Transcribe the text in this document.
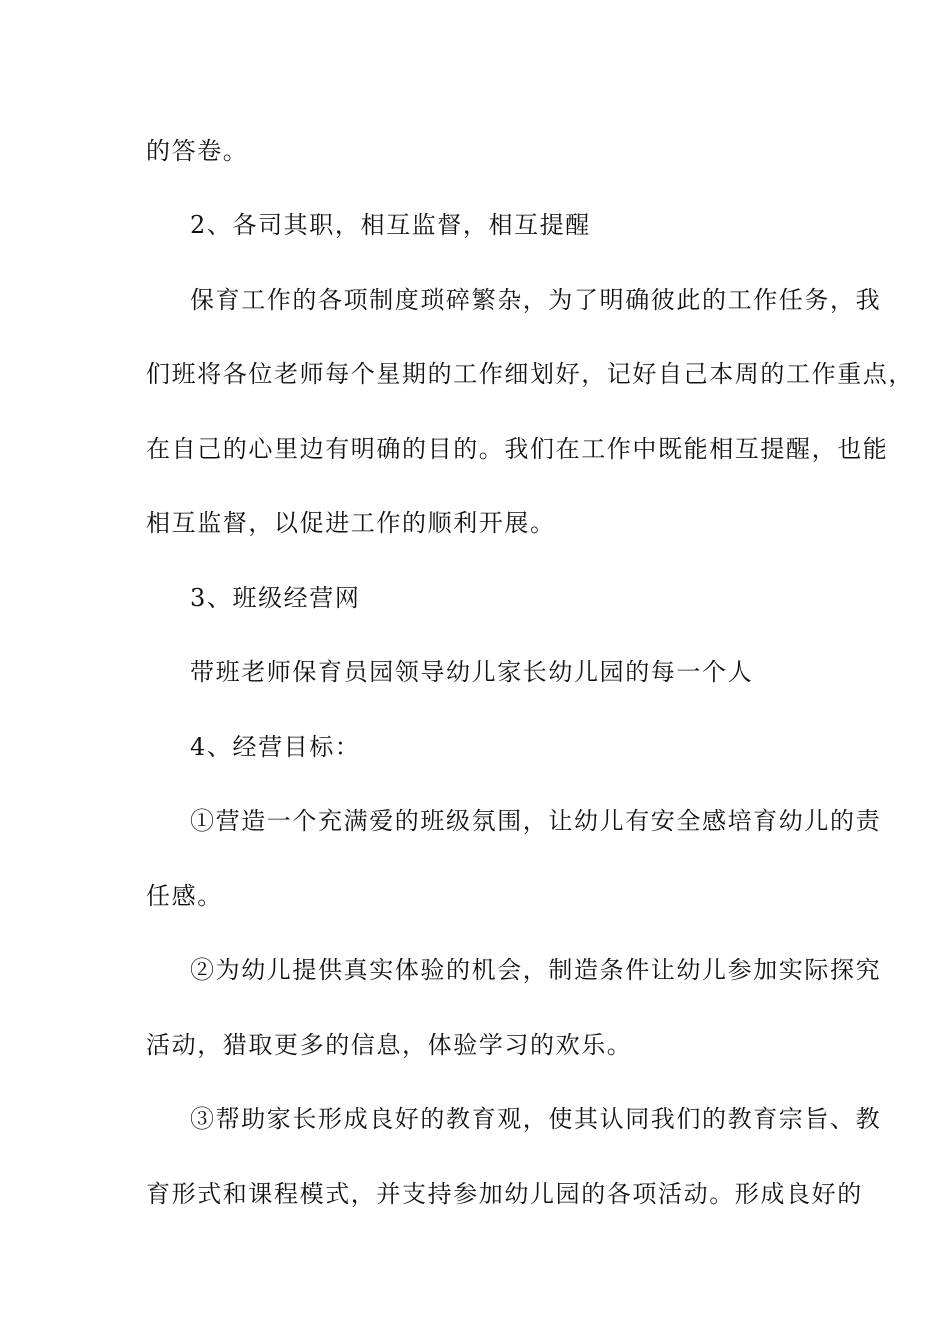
的答卷。
2、各司其职，相互监督，相互提醒
保育工作的各项制度琐碎繁杂，为了明确彼此的工作任务，我
们班将各位老师每个星期的工作细划好，记好自己本周的工作重点，
在自己的心里边有明确的目的。我们在工作中既能相互提醒，也能
相互监督，以促进工作的顺利开展。
3、班级经营网
带班老师保育员园领导幼儿家长幼儿园的每一个人
4、经营目标：
①营造一个充满爱的班级氛围，让幼儿有安全感培育幼儿的责
任感。
②为幼儿提供真实体验的机会，制造条件让幼儿参加实际探究
活动，猎取更多的信息，体验学习的欢乐。
③帮助家长形成良好的教育观，使其认同我们的教育宗旨、教
育形式和课程模式，并支持参加幼儿园的各项活动。形成良好的
